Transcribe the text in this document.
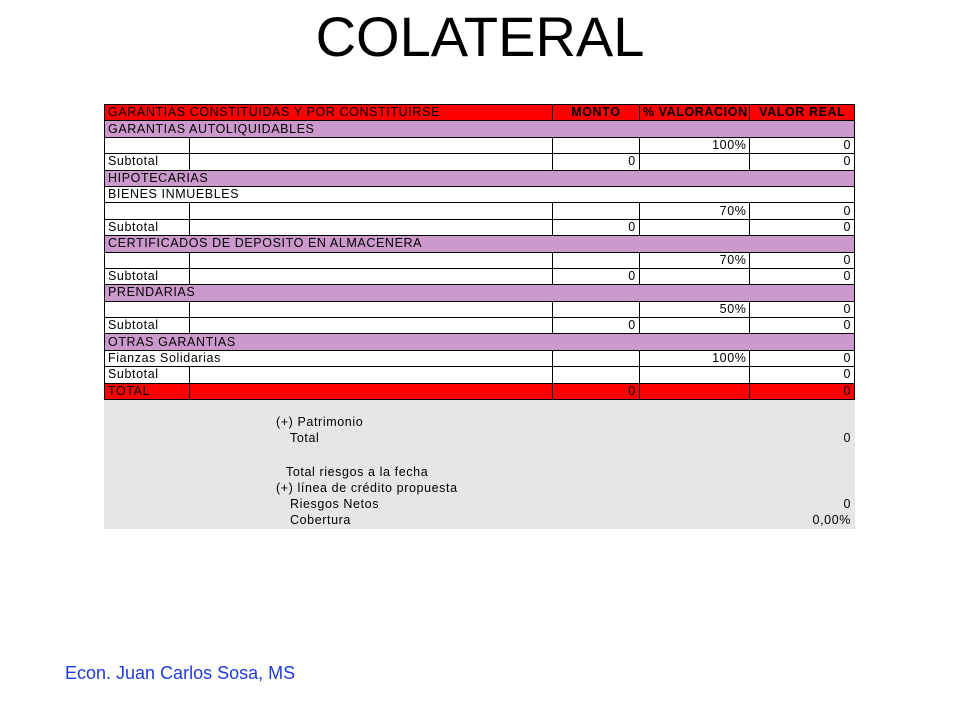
COLATERAL
GARANTIAS CONSTITUIDAS Y POR CONSTITUIRSE		MONTO	% VALORACION	VALOR REAL
GARANTIAS AUTOLIQUIDABLES				
			100%	0
Subtotal		0		0
HIPOTECARIAS				
BIENES INMUEBLES				
			70%	0
Subtotal		0		0
CERTIFICADOS DE DEPOSITO EN ALMACENERA				
			70%	0
Subtotal		0		0
PRENDARIAS				
			50%	0
Subtotal		0		0
OTRAS GARANTIAS				
Fianzas Solidarias			100%	0
Subtotal				0
TOTAL		0		0
(+) Patrimonio
Total	0
Total riesgos a la fecha
(+) línea de crédito propuesta
Riesgos Netos	0
Cobertura	0,00%
Econ. Juan Carlos Sosa, MS
